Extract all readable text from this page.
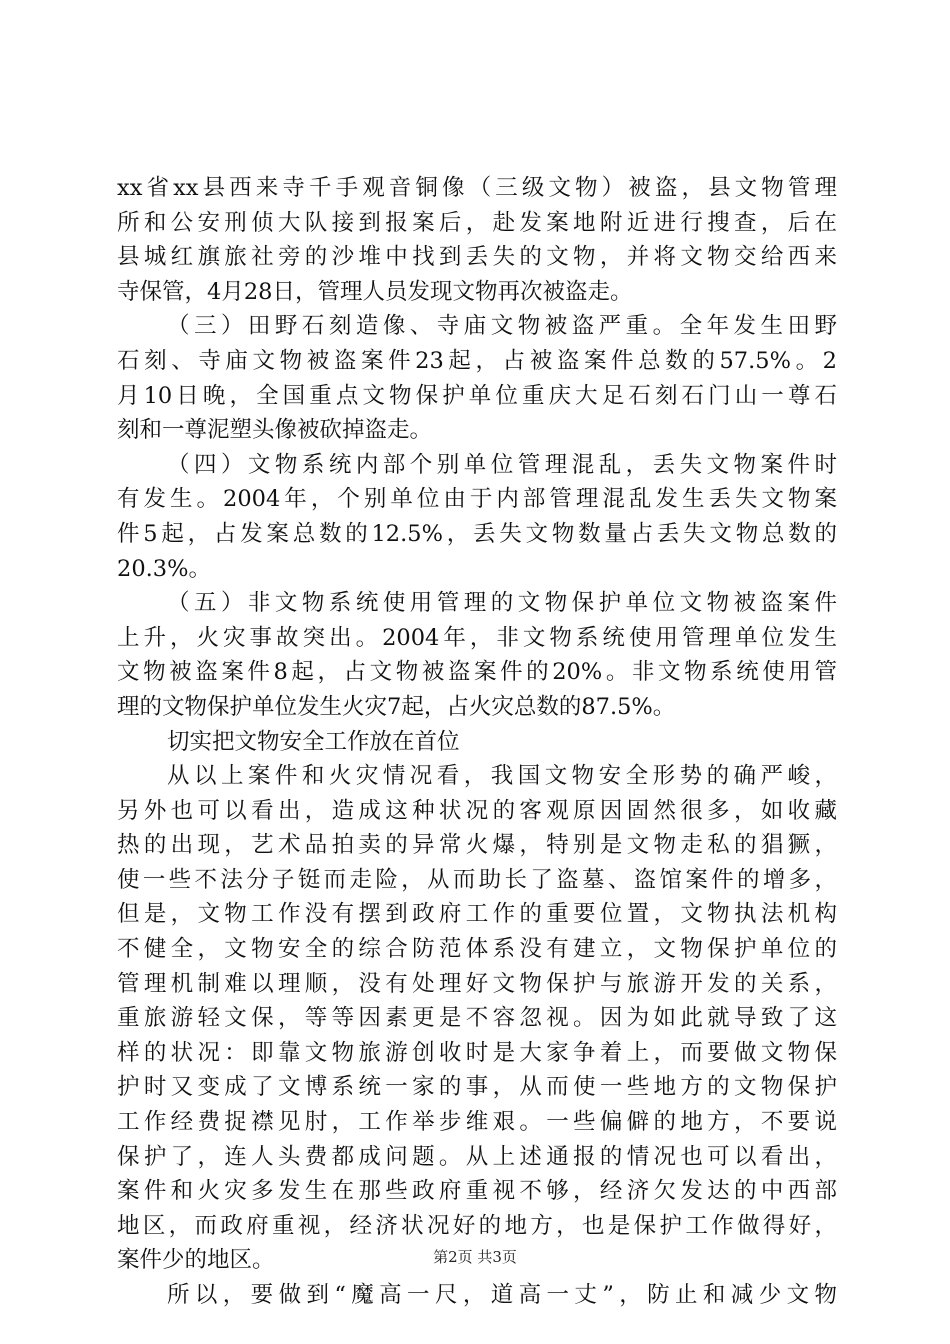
xx省xx县西来寺千手观音铜像（三级文物）被盗，县文物管理
所和公安刑侦大队接到报案后，赴发案地附近进行搜查，后在
县城红旗旅社旁的沙堆中找到丢失的文物，并将文物交给西来
寺保管，4月28日，管理人员发现文物再次被盗走。
（三）田野石刻造像、寺庙文物被盗严重。全年发生田野
石刻、寺庙文物被盗案件23起，占被盗案件总数的57.5%。2
月10日晚，全国重点文物保护单位重庆大足石刻石门山一尊石
刻和一尊泥塑头像被砍掉盗走。
（四）文物系统内部个别单位管理混乱，丢失文物案件时
有发生。2004年，个别单位由于内部管理混乱发生丢失文物案
件5起，占发案总数的12.5%，丢失文物数量占丢失文物总数的
20.3%。
（五）非文物系统使用管理的文物保护单位文物被盗案件
上升，火灾事故突出。2004年，非文物系统使用管理单位发生
文物被盗案件8起，占文物被盗案件的20%。非文物系统使用管
理的文物保护单位发生火灾7起，占火灾总数的87.5%。
切实把文物安全工作放在首位
从以上案件和火灾情况看，我国文物安全形势的确严峻，
另外也可以看出，造成这种状况的客观原因固然很多，如收藏
热的出现，艺术品拍卖的异常火爆，特别是文物走私的猖獗，
使一些不法分子铤而走险，从而助长了盗墓、盗馆案件的增多，
但是，文物工作没有摆到政府工作的重要位置，文物执法机构
不健全，文物安全的综合防范体系没有建立，文物保护单位的
管理机制难以理顺，没有处理好文物保护与旅游开发的关系，
重旅游轻文保，等等因素更是不容忽视。因为如此就导致了这
样的状况：即靠文物旅游创收时是大家争着上，而要做文物保
护时又变成了文博系统一家的事，从而使一些地方的文物保护
工作经费捉襟见肘，工作举步维艰。一些偏僻的地方，不要说
保护了，连人头费都成问题。从上述通报的情况也可以看出，
案件和火灾多发生在那些政府重视不够，经济欠发达的中西部
地区，而政府重视，经济状况好的地方，也是保护工作做得好，
案件少的地区。
所以，要做到“魔高一尺，道高一丈”，防止和减少文物
第2页 共3页
